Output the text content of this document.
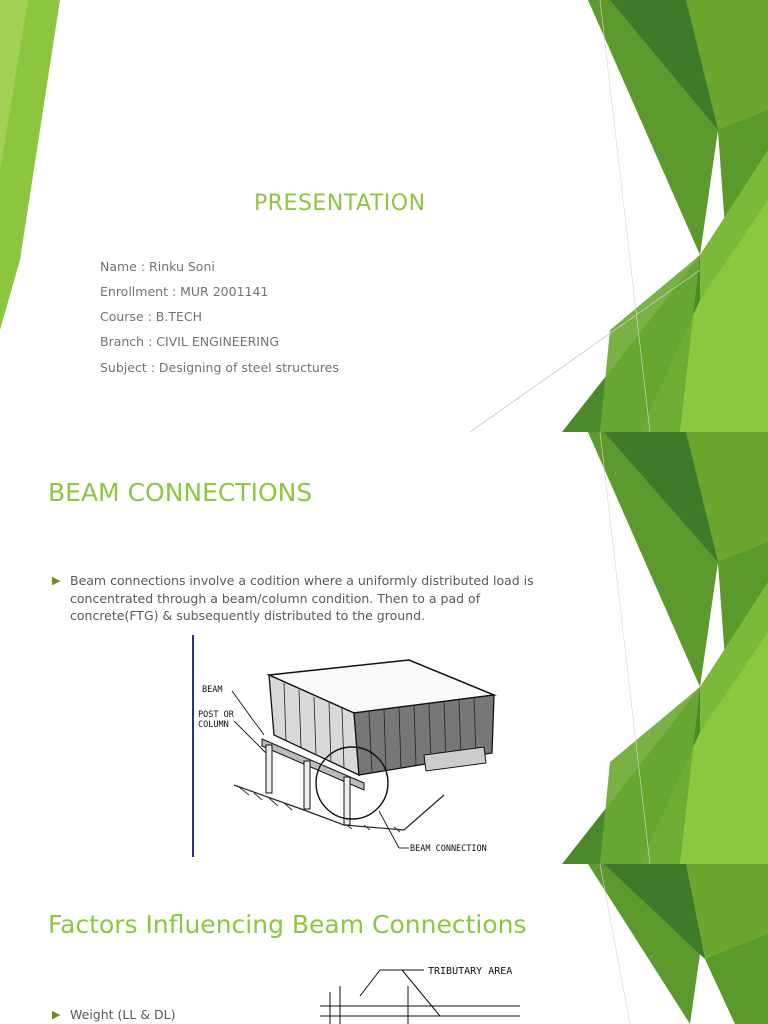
PRESENTATION
Name : Rinku Soni
Enrollment : MUR 2001141
Course : B.TECH
Branch : CIVIL ENGINEERING
Subject : Designing of steel structures
BEAM CONNECTIONS
▶ Beam connections involve a codition where a uniformly distributed load is
concentrated through a beam/column condition. Then to a pad of
concrete(FTG) & subsequently distributed to the ground.
BEAM
POST OR
COLUMN
BEAM CONNECTION
Factors Influencing Beam Connections
▶ Weight (LL & DL)
TRIBUTARY AREA
